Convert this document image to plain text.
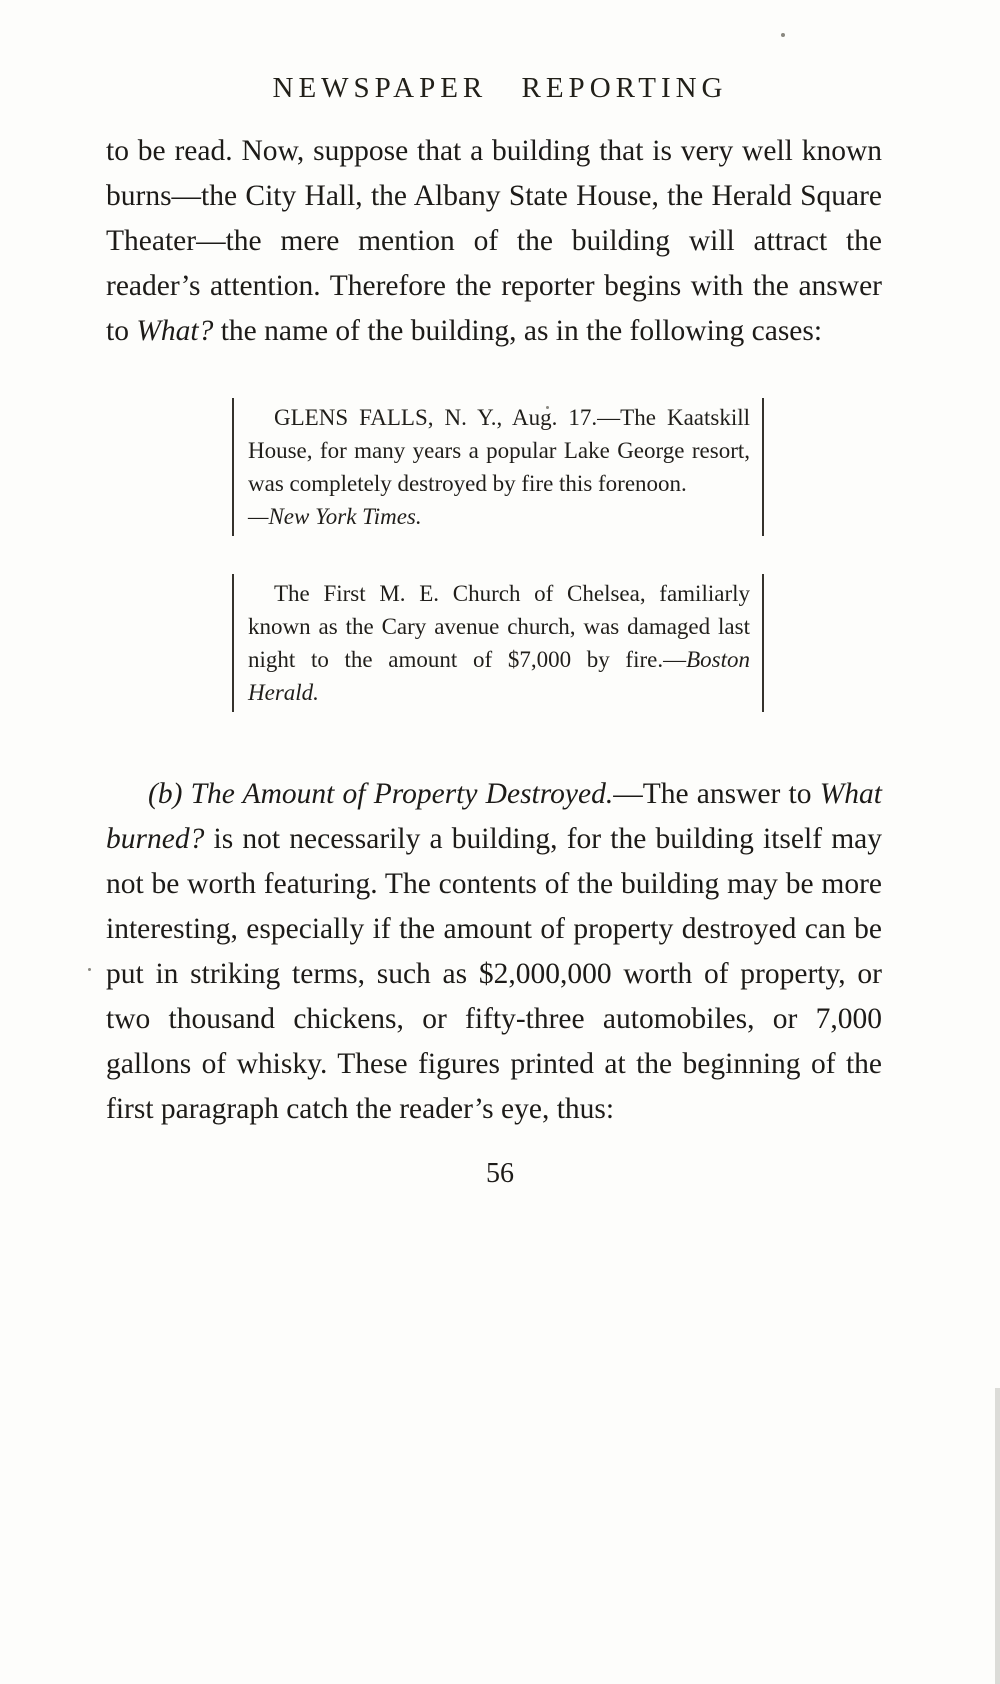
NEWSPAPER REPORTING

to be read. Now, suppose that a building that is very well known burns—the City Hall, the Albany State House, the Herald Square Theater—the mere mention of the building will attract the reader’s attention. Therefore the reporter begins with the answer to What? the name of the building, as in the following cases:

GLENS FALLS, N. Y., Aug. 17.—The Kaatskill House, for many years a popular Lake George resort, was completely destroyed by fire this forenoon.

—New York Times.

The First M. E. Church of Chelsea, familiarly known as the Cary avenue church, was damaged last night to the amount of $7,000 by fire.—Boston Herald.

(b) The Amount of Property Destroyed.—The answer to What burned? is not necessarily a building, for the building itself may not be worth featuring. The contents of the building may be more interesting, especially if the amount of property destroyed can be put in striking terms, such as $2,000,000 worth of property, or two thousand chickens, or fifty-three automobiles, or 7,000 gallons of whisky. These figures printed at the beginning of the first paragraph catch the reader’s eye, thus:

56
